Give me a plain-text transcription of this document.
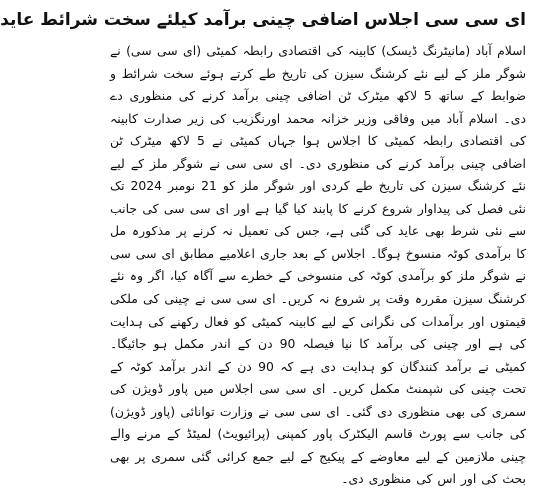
ای سی سی اجلاس اضافی چینی برآمد کیلئے سخت شرائط عاید

اسلام آباد (مانیٹرنگ ڈیسک) کابینہ کی اقتصادی رابطہ کمیٹی (ای سی سی) نے شوگر ملز کے لیے نئے کرشنگ سیزن کی تاریخ طے کرتے ہوئے سخت شرائط و ضوابط کے ساتھ 5 لاکھ میٹرک ٹن اضافی چینی برآمد کرنے کی منظوری دے دی۔ اسلام آباد میں وفاقی وزیر خزانہ محمد اورنگزیب کی زیر صدارت کابینہ کی اقتصادی رابطہ کمیٹی کا اجلاس ہوا جہاں کمیٹی نے 5 لاکھ میٹرک ٹن اضافی چینی برآمد کرنے کی منظوری دی۔ ای سی سی نے شوگر ملز کے لیے نئے کرشنگ سیزن کی تاریخ طے کردی اور شوگر ملز کو 21 نومبر 2024 تک نئی فصل کی پیداوار شروع کرنے کا پابند کیا گیا ہے اور ای سی سی کی جانب سے نئی شرط بھی عاید کی گئی ہے، جس کی تعمیل نہ کرنے پر مذکورہ مل کا برآمدی کوٹہ منسوخ ہوگا۔ اجلاس کے بعد جاری اعلامیے مطابق ای سی سی نے شوگر ملز کو برآمدی کوٹہ کی منسوخی کے خطرے سے آگاہ کیا، اگر وہ نئے کرشنگ سیزن مقررہ وقت پر شروع نہ کریں۔ ای سی سی نے چینی کی ملکی قیمتوں اور برآمدات کی نگرانی کے لیے کابینہ کمیٹی کو فعال رکھنے کی ہدایت کی ہے اور چینی کی برآمد کا نیا فیصلہ 90 دن کے اندر مکمل ہو جائیگا۔ کمیٹی نے برآمد کنندگان کو ہدایت دی ہے کہ 90 دن کے اندر برآمد کوٹہ کے تحت چینی کی شپمنٹ مکمل کریں۔ ای سی سی اجلاس میں پاور ڈویژن کی سمری کی بھی منظوری دی گئی۔ ای سی سی نے وزارت توانائی (پاور ڈویژن) کی جانب سے پورٹ قاسم الیکٹرک پاور کمپنی (پرائیویٹ) لمیٹڈ کے مرنے والے چینی ملازمین کے لیے معاوضے کے پیکیج کے لیے جمع کرائی گئی سمری پر بھی بحث کی اور اس کی منظوری دی۔
